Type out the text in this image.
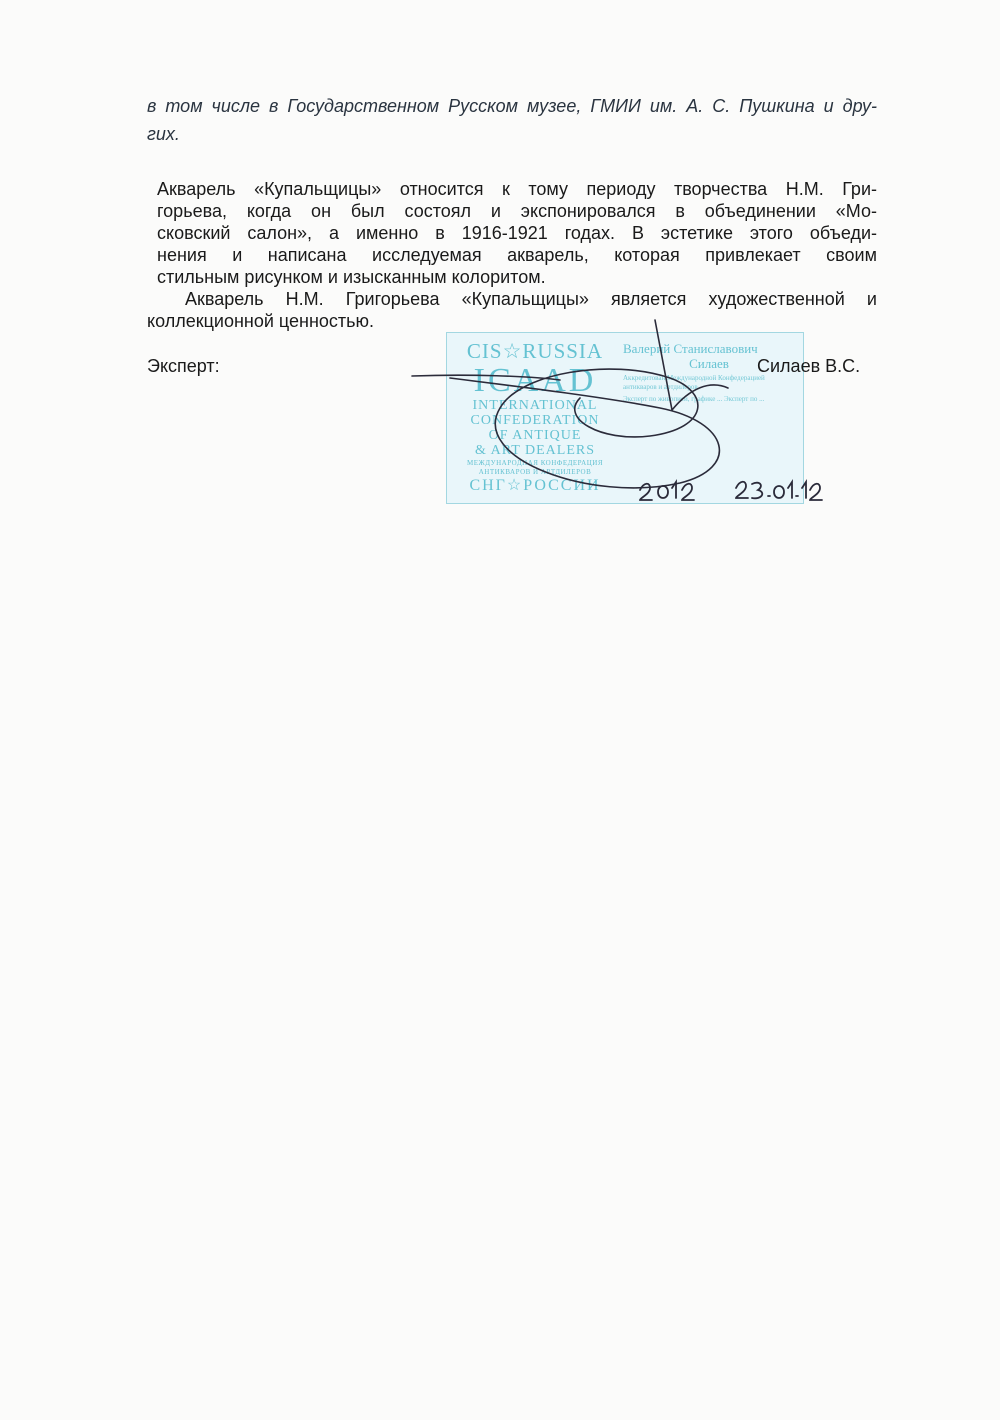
в том числе в Государственном Русском музее, ГМИИ им. А. С. Пушкина и дру-
гих.
Акварель «Купальщицы» относится к тому периоду творчества Н.М. Гри-
горьева, когда он был состоял и экспонировался в объединении «Мо-
сковский салон», а именно в 1916-1921 годах. В эстетике этого объеди-
нения и написана исследуемая акварель, которая привлекает своим
стильным рисунком и изысканным колоритом.
Акварель Н.М. Григорьева «Купальщицы» является художественной и
коллекционной ценностью.
CIS☆RUSSIA
ICAAD
INTERNATIONAL
CONFEDERATION
OF ANTIQUE
& ART DEALERS
МЕЖДУНАРОДНАЯ КОНФЕДЕРАЦИЯ
АНТИКВАРОВ И АРТДИЛЕРОВ
СНГ☆РОССИИ
Валерий Станиславович
Силаев
Аккредитован Международной Конфедерацией антикваров и артдилеров
Эксперт по живописи, графике ... Эксперт по ...
Эксперт:	Силаев В.С.
